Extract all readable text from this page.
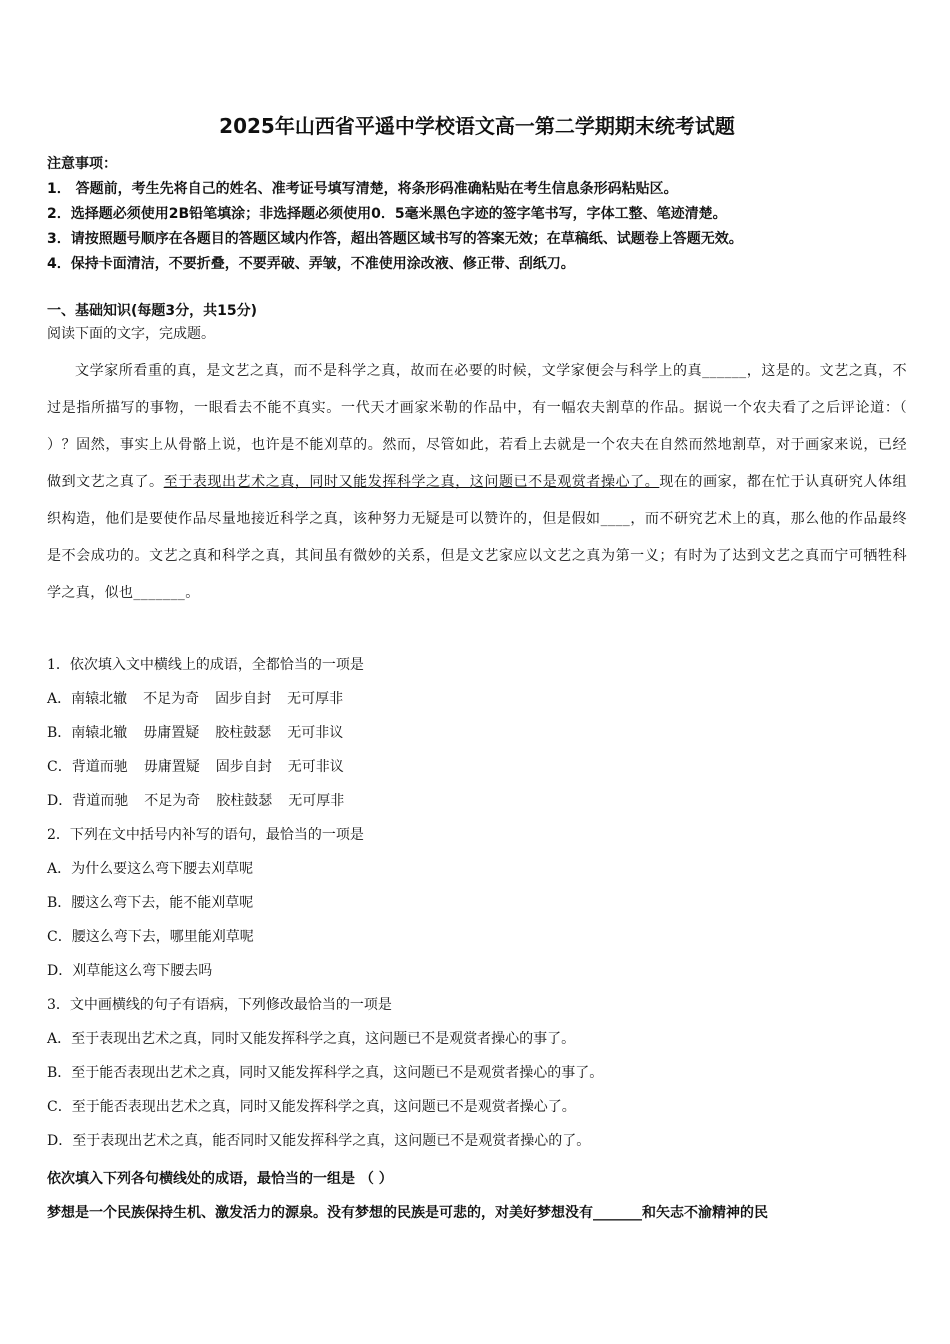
2025年山西省平遥中学校语文高一第二学期期末统考试题
注意事项：
1． 答题前，考生先将自己的姓名、准考证号填写清楚，将条形码准确粘贴在考生信息条形码粘贴区。
2．选择题必须使用2B铅笔填涂；非选择题必须使用0．5毫米黑色字迹的签字笔书写，字体工整、笔迹清楚。
3．请按照题号顺序在各题目的答题区域内作答，超出答题区域书写的答案无效；在草稿纸、试题卷上答题无效。
4．保持卡面清洁，不要折叠，不要弄破、弄皱，不准使用涂改液、修正带、刮纸刀。
一、基础知识(每题3分，共15分)
阅读下面的文字，完成题。
文学家所看重的真，是文艺之真，而不是科学之真，故而在必要的时候，文学家便会与科学上的真______，这是的。文艺之真，不过是指所描写的事物，一眼看去不能不真实。一代天才画家米勒的作品中，有一幅农夫割草的作品。据说一个农夫看了之后评论道：（ ）？固然，事实上从骨骼上说，也许是不能刈草的。然而，尽管如此，若看上去就是一个农夫在自然而然地割草，对于画家来说，已经做到文艺之真了。至于表现出艺术之真，同时又能发挥科学之真，这问题已不是观赏者操心了。现在的画家，都在忙于认真研究人体组织构造，他们是要使作品尽量地接近科学之真，该种努力无疑是可以赞许的，但是假如____，而不研究艺术上的真，那么他的作品最终是不会成功的。文艺之真和科学之真，其间虽有微妙的关系，但是文艺家应以文艺之真为第一义；有时为了达到文艺之真而宁可牺牲科学之真，似也_______。
1．依次填入文中横线上的成语，全都恰当的一项是
A．南辕北辙 不足为奇 固步自封 无可厚非
B．南辕北辙 毋庸置疑 胶柱鼓瑟 无可非议
C．背道而驰 毋庸置疑 固步自封 无可非议
D．背道而驰 不足为奇 胶柱鼓瑟 无可厚非
2．下列在文中括号内补写的语句，最恰当的一项是
A．为什么要这么弯下腰去刈草呢
B．腰这么弯下去，能不能刈草呢
C．腰这么弯下去，哪里能刈草呢
D．刈草能这么弯下腰去吗
3．文中画横线的句子有语病，下列修改最恰当的一项是
A．至于表现出艺术之真，同时又能发挥科学之真，这问题已不是观赏者操心的事了。
B．至于能否表现出艺术之真，同时又能发挥科学之真，这问题已不是观赏者操心的事了。
C．至于能否表现出艺术之真，同时又能发挥科学之真，这问题已不是观赏者操心了。
D．至于表现出艺术之真，能否同时又能发挥科学之真，这问题已不是观赏者操心的了。
依次填入下列各句横线处的成语，最恰当的一组是 （ ）
梦想是一个民族保持生机、激发活力的源泉。没有梦想的民族是可悲的，对美好梦想没有_______和矢志不渝精神的民
